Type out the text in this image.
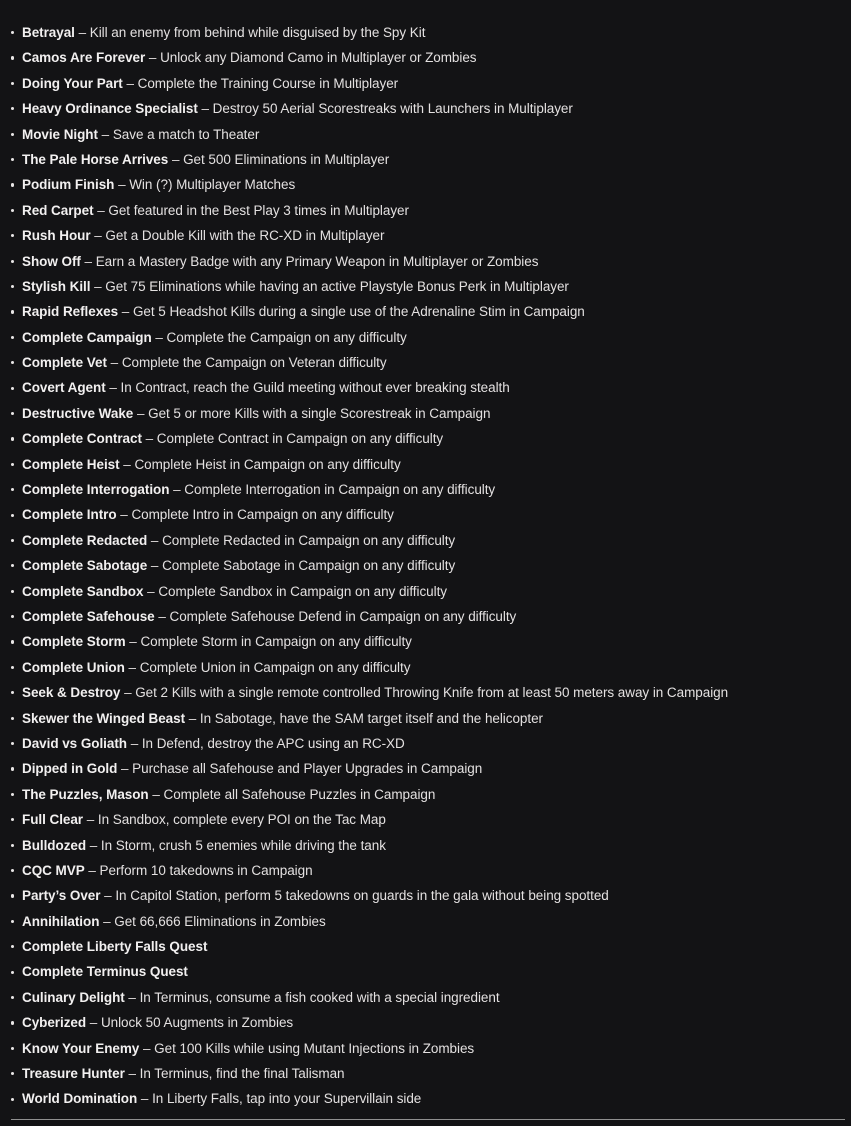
Betrayal – Kill an enemy from behind while disguised by the Spy Kit
Camos Are Forever – Unlock any Diamond Camo in Multiplayer or Zombies
Doing Your Part – Complete the Training Course in Multiplayer
Heavy Ordinance Specialist – Destroy 50 Aerial Scorestreaks with Launchers in Multiplayer
Movie Night – Save a match to Theater
The Pale Horse Arrives – Get 500 Eliminations in Multiplayer
Podium Finish – Win (?) Multiplayer Matches
Red Carpet – Get featured in the Best Play 3 times in Multiplayer
Rush Hour – Get a Double Kill with the RC-XD in Multiplayer
Show Off – Earn a Mastery Badge with any Primary Weapon in Multiplayer or Zombies
Stylish Kill – Get 75 Eliminations while having an active Playstyle Bonus Perk in Multiplayer
Rapid Reflexes – Get 5 Headshot Kills during a single use of the Adrenaline Stim in Campaign
Complete Campaign – Complete the Campaign on any difficulty
Complete Vet – Complete the Campaign on Veteran difficulty
Covert Agent – In Contract, reach the Guild meeting without ever breaking stealth
Destructive Wake – Get 5 or more Kills with a single Scorestreak in Campaign
Complete Contract – Complete Contract in Campaign on any difficulty
Complete Heist – Complete Heist in Campaign on any difficulty
Complete Interrogation – Complete Interrogation in Campaign on any difficulty
Complete Intro – Complete Intro in Campaign on any difficulty
Complete Redacted – Complete Redacted in Campaign on any difficulty
Complete Sabotage – Complete Sabotage in Campaign on any difficulty
Complete Sandbox – Complete Sandbox in Campaign on any difficulty
Complete Safehouse – Complete Safehouse Defend in Campaign on any difficulty
Complete Storm – Complete Storm in Campaign on any difficulty
Complete Union – Complete Union in Campaign on any difficulty
Seek & Destroy – Get 2 Kills with a single remote controlled Throwing Knife from at least 50 meters away in Campaign
Skewer the Winged Beast – In Sabotage, have the SAM target itself and the helicopter
David vs Goliath – In Defend, destroy the APC using an RC-XD
Dipped in Gold – Purchase all Safehouse and Player Upgrades in Campaign
The Puzzles, Mason – Complete all Safehouse Puzzles in Campaign
Full Clear – In Sandbox, complete every POI on the Tac Map
Bulldozed – In Storm, crush 5 enemies while driving the tank
CQC MVP – Perform 10 takedowns in Campaign
Party’s Over – In Capitol Station, perform 5 takedowns on guards in the gala without being spotted
Annihilation – Get 66,666 Eliminations in Zombies
Complete Liberty Falls Quest
Complete Terminus Quest
Culinary Delight – In Terminus, consume a fish cooked with a special ingredient
Cyberized – Unlock 50 Augments in Zombies
Know Your Enemy – Get 100 Kills while using Mutant Injections in Zombies
Treasure Hunter – In Terminus, find the final Talisman
World Domination – In Liberty Falls, tap into your Supervillain side
